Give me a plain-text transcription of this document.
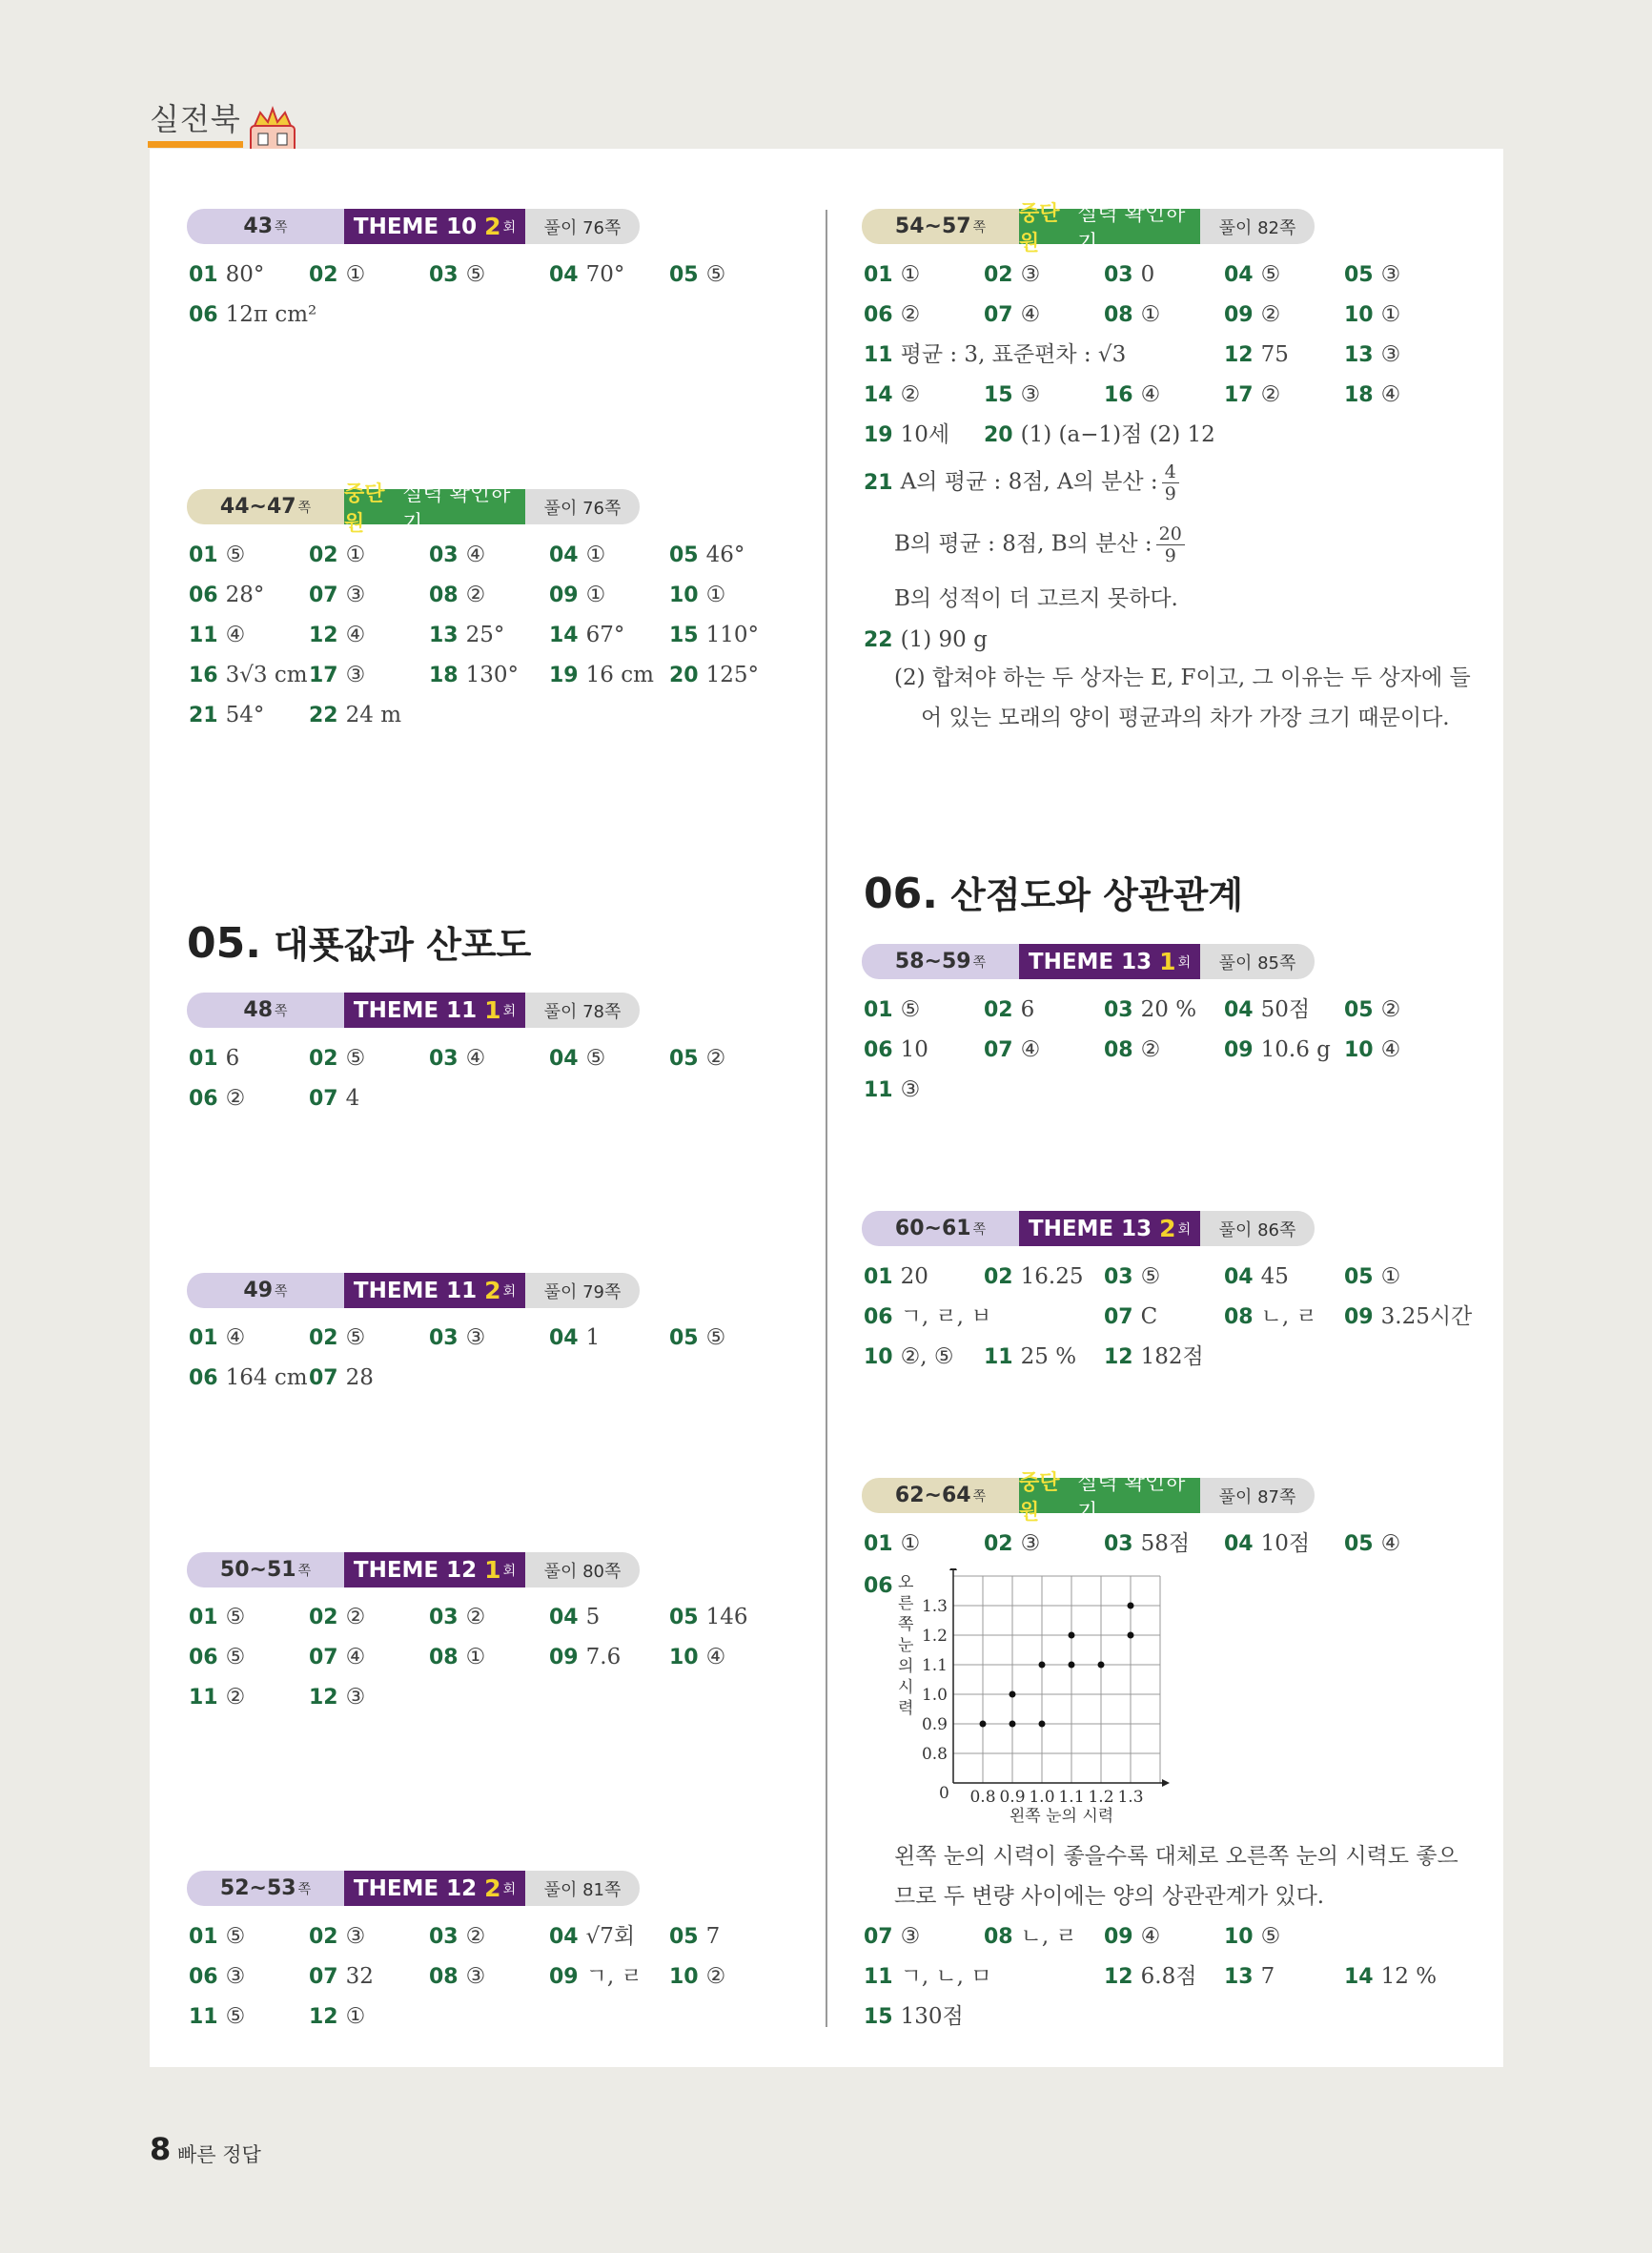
실전북
43 쪽	THEME 10 2 회	풀이 76쪽
01 80° 02 ①	03 ⑤	04 70° 05 ⑤
06 12π cm²
44~47 쪽
중단원
실력 확인하기
풀이 76쪽
01 ⑤	02 ①	03 ④	04 ①	05 46°
06 28° 07 ③	08 ②	09 ①	10 ①
11 ④	12 ④	13 25° 14 67° 15 110°
16 3√3 cm 17 ③	18 130° 19 16 cm 20 125°
21 54° 22 24 m
05. 대푯값과 산포도
48 쪽	THEME 11 1 회	풀이 78쪽
01 6	02 ⑤	03 ④	04 ⑤	05 ②
06 ②	07 4
49 쪽	THEME 11 2 회	풀이 79쪽
01 ④	02 ⑤	03 ③	04 1	05 ⑤
06 164 cm 07 28
50~51 쪽 THEME 12 1 회	풀이 80쪽
01 ⑤	02 ②	03 ②	04 5	05 146
06 ⑤	07 ④	08 ①	09 7.6 10 ④
11 ②	12 ③
52~53 쪽 THEME 12 2 회	풀이 81쪽
01 ⑤	02 ③	03 ②	04 √7회 05 7
06 ③	07 32	08 ③	09 ㄱ, ㄹ 10 ②
11 ⑤	12 ①
54~57 쪽
중단원
실력 확인하기
풀이 82쪽
01 ①	02 ③	03 0	04 ⑤	05 ③
06 ②	07 ④	08 ①	09 ②	10 ①
11 평균 : 3, 표준편차 : √3	12 75	13 ③
14 ②	15 ③	16 ④	17 ②	18 ④
19 10세 20 (1) (a−1)점 (2) 12
21 A의 평균 : 8점, A의 분산 : $\frac{4}{9}$
B의 평균 : 8점, B의 분산 : $\frac{20}{9}$
B의 성적이 더 고르지 못하다.
22 (1) 90 g
(2) 합쳐야 하는 두 상자는 E, F이고, 그 이유는 두 상자에 들
어 있는 모래의 양이 평균과의 차가 가장 크기 때문이다.
06. 산점도와 상관관계
58~59 쪽 THEME 13 1 회	풀이 85쪽
01 ⑤	02 6	03 20 % 04 50점 05 ②
06 10	07 ④	08 ②	09 10.6 g 10 ④
11 ③
60~61 쪽 THEME 13 2 회	풀이 86쪽
01 20	02 16.25 03 ⑤	04 45	05 ①
06 ㄱ, ㄹ, ㅂ	07 C	08 ㄴ, ㄹ 09 3.25시간
10 ②, ⑤ 11 25 % 12 182점
62~64 쪽
중단원
실력 확인하기
풀이 87쪽
01 ①	02 ③	03 58점 04 10점 05 ④
06
0.8 0.9 1.0 1.1 1.2 1.3
0.8
0.9
1.0
1.1
1.2
1.3
0
왼쪽 눈의 시력
오 른 쪽 눈 의 시 력
왼쪽 눈의 시력이 좋을수록 대체로 오른쪽 눈의 시력도 좋으
므로 두 변량 사이에는 양의 상관관계가 있다.
07 ③	08 ㄴ, ㄹ 09 ④	10 ⑤
11 ㄱ, ㄴ, ㅁ	12 6.8점 13 7	14 12 %
15 130점
8 빠른 정답
